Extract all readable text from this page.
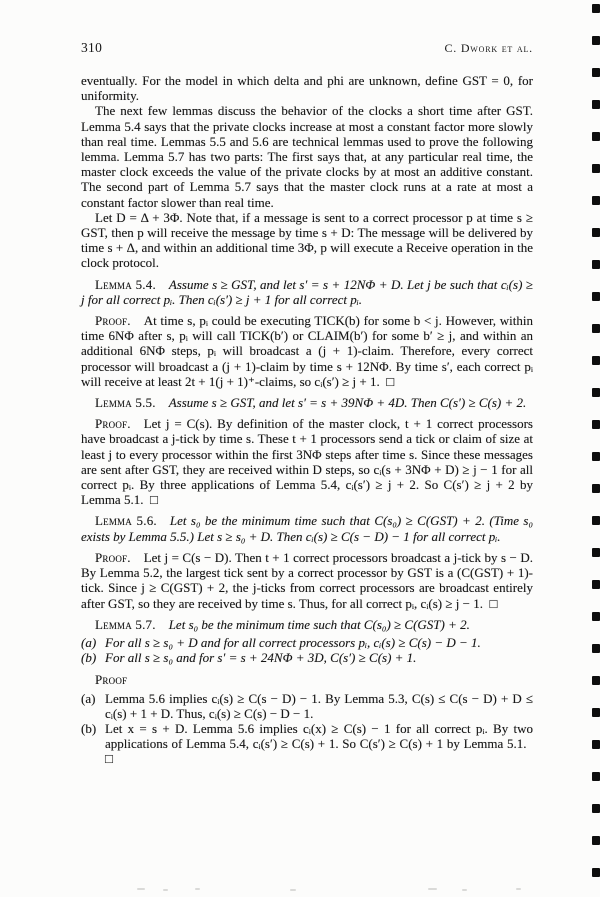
310	C. Dwork et al.
eventually. For the model in which delta and phi are unknown, define GST = 0, for uniformity.
The next few lemmas discuss the behavior of the clocks a short time after GST. Lemma 5.4 says that the private clocks increase at most a constant factor more slowly than real time. Lemmas 5.5 and 5.6 are technical lemmas used to prove the following lemma. Lemma 5.7 has two parts: The first says that, at any particular real time, the master clock exceeds the value of the private clocks by at most an additive constant. The second part of Lemma 5.7 says that the master clock runs at a rate at most a constant factor slower than real time.
Let D = Δ + 3Φ. Note that, if a message is sent to a correct processor p at time s ≥ GST, then p will receive the message by time s + D: The message will be delivered by time s + Δ, and within an additional time 3Φ, p will execute a Receive operation in the clock protocol.
Lemma 5.4.  Assume s ≥ GST, and let s′ = s + 12NΦ + D. Let j be such that cᵢ(s) ≥ j for all correct pᵢ. Then cᵢ(s′) ≥ j + 1 for all correct pᵢ.
Proof.  At time s, pᵢ could be executing TICK(b) for some b < j. However, within time 6NΦ after s, pᵢ will call TICK(b′) or CLAIM(b′) for some b′ ≥ j, and within an additional 6NΦ steps, pᵢ will broadcast a (j + 1)-claim. Therefore, every correct processor will broadcast a (j + 1)-claim by time s + 12NΦ. By time s′, each correct pᵢ will receive at least 2t + 1(j + 1)⁺-claims, so cᵢ(s′) ≥ j + 1. □
Lemma 5.5.  Assume s ≥ GST, and let s′ = s + 39NΦ + 4D. Then C(s′) ≥ C(s) + 2.
Proof.  Let j = C(s). By definition of the master clock, t + 1 correct processors have broadcast a j-tick by time s. These t + 1 processors send a tick or claim of size at least j to every processor within the first 3NΦ steps after time s. Since these messages are sent after GST, they are received within D steps, so cᵢ(s + 3NΦ + D) ≥ j − 1 for all correct pᵢ. By three applications of Lemma 5.4, cᵢ(s′) ≥ j + 2. So C(s′) ≥ j + 2 by Lemma 5.1. □
Lemma 5.6.  Let s₀ be the minimum time such that C(s₀) ≥ C(GST) + 2. (Time s₀ exists by Lemma 5.5.) Let s ≥ s₀ + D. Then cᵢ(s) ≥ C(s − D) − 1 for all correct pᵢ.
Proof.  Let j = C(s − D). Then t + 1 correct processors broadcast a j-tick by s − D. By Lemma 5.2, the largest tick sent by a correct processor by GST is a (C(GST) + 1)-tick. Since j ≥ C(GST) + 2, the j-ticks from correct processors are broadcast entirely after GST, so they are received by time s. Thus, for all correct pᵢ, cᵢ(s) ≥ j − 1. □
Lemma 5.7.  Let s₀ be the minimum time such that C(s₀) ≥ C(GST) + 2.
(a) For all s ≥ s₀ + D and for all correct processors pᵢ, cᵢ(s) ≥ C(s) − D − 1.
(b) For all s ≥ s₀ and for s′ = s + 24NΦ + 3D, C(s′) ≥ C(s) + 1.
Proof
(a) Lemma 5.6 implies cᵢ(s) ≥ C(s − D) − 1. By Lemma 5.3, C(s) ≤ C(s − D) + D ≤ cᵢ(s) + 1 + D. Thus, cᵢ(s) ≥ C(s) − D − 1.
(b) Let x = s + D. Lemma 5.6 implies cᵢ(x) ≥ C(s) − 1 for all correct pᵢ. By two applications of Lemma 5.4, cᵢ(s′) ≥ C(s) + 1. So C(s′) ≥ C(s) + 1 by Lemma 5.1. □
